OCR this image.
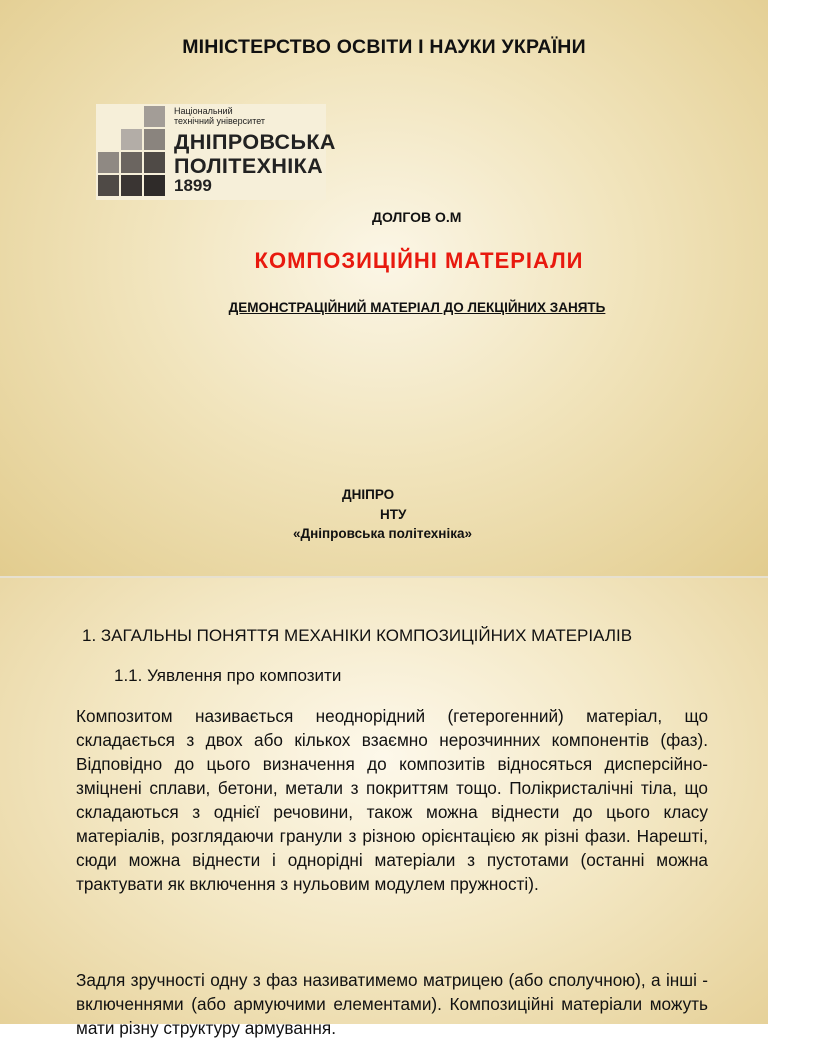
МІНІСТЕРСТВО ОСВІТИ І НАУКИ УКРАЇНИ
Національний
технічний університет
ДНІПРОВСЬКА
ПОЛІТЕХНІКА
1899
ДОЛГОВ О.М
КОМПОЗИЦІЙНІ МАТЕРІАЛИ
ДЕМОНСТРАЦІЙНИЙ МАТЕРІАЛ ДО ЛЕКЦІЙНИХ ЗАНЯТЬ
ДНІПРО
НТУ
«Дніпровська політехніка»
1. ЗАГАЛЬНЫ ПОНЯТТЯ МЕХАНІКИ КОМПОЗИЦІЙНИХ МАТЕРІАЛІВ
1.1. Уявлення про композити
Композитом називається неоднорідний (гетерогенний) матеріал, що складається з двох або кількох взаємно нерозчинних компонентів (фаз). Відповідно до цього визначення до композитів відносяться дисперсійно-зміцнені сплави, бетони, метали з покриттям тощо. Полікристалічні тіла, що складаються з однієї речовини, також можна віднести до цього класу матеріалів, розглядаючи гранули з різною орієнтацією як різні фази. Нарешті, сюди можна віднести і однорідні матеріали з пустотами (останні можна трактувати як включення з нульовим модулем пружності).
Задля зручності одну з фаз називатимемо матрицею (або сполучною), а інші - включеннями (або армуючими елементами). Композиційні матеріали можуть мати різну структуру армування.
